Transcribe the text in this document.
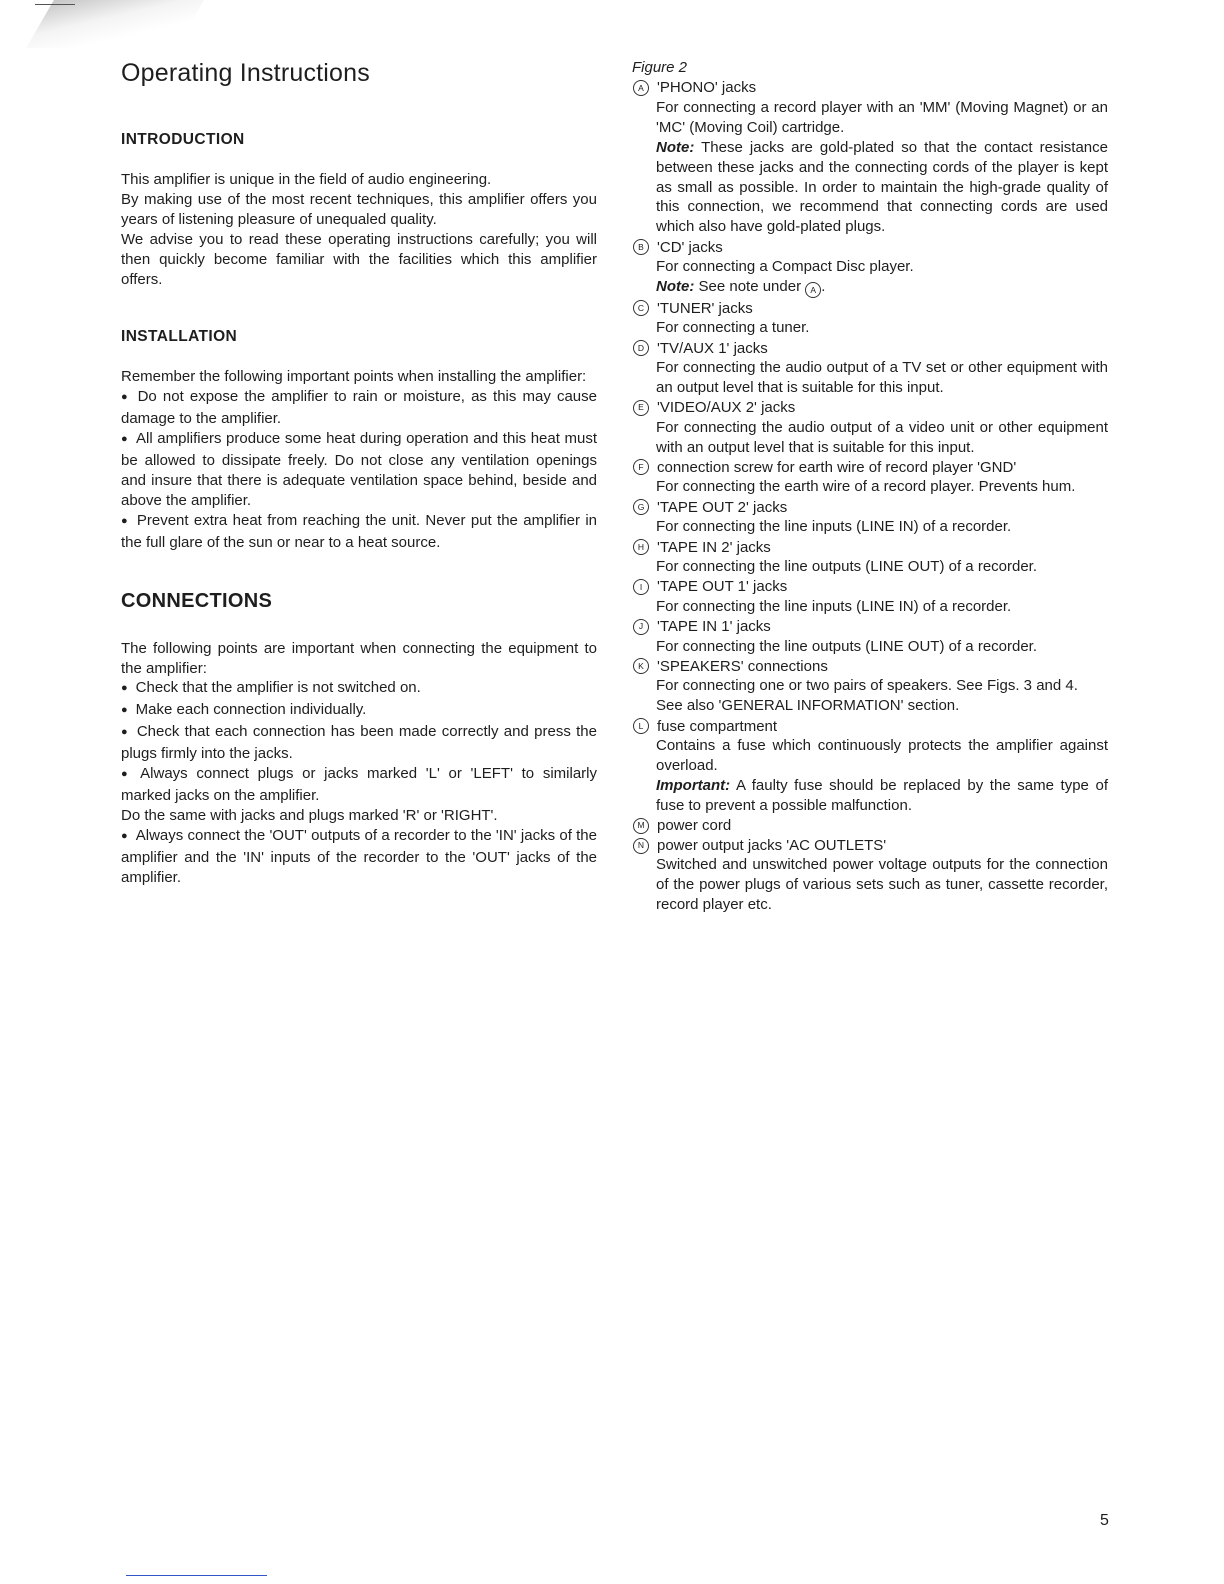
Operating Instructions
INTRODUCTION

This amplifier is unique in the field of audio engineering.

By making use of the most recent techniques, this amplifier offers you years of listening pleasure of unequaled quality.

We advise you to read these operating instructions carefully; you will then quickly become familiar with the facilities which this amplifier offers.

INSTALLATION

Remember the following important points when installing the amplifier:

● Do not expose the amplifier to rain or moisture, as this may cause damage to the amplifier.

● All amplifiers produce some heat during operation and this heat must be allowed to dissipate freely. Do not close any ventilation openings and insure that there is adequate ventilation space behind, beside and above the amplifier.

● Prevent extra heat from reaching the unit. Never put the amplifier in the full glare of the sun or near to a heat source.

CONNECTIONS

The following points are important when connecting the equipment to the amplifier:

● Check that the amplifier is not switched on.

● Make each connection individually.

● Check that each connection has been made correctly and press the plugs firmly into the jacks.

● Always connect plugs or jacks marked 'L' or 'LEFT' to similarly marked jacks on the amplifier.

Do the same with jacks and plugs marked 'R' or 'RIGHT'.

● Always connect the 'OUT' outputs of a recorder to the 'IN' jacks of the amplifier and the 'IN' inputs of the recorder to the 'OUT' jacks of the amplifier.

Figure 2

A 'PHONO' jacks

For connecting a record player with an 'MM' (Moving Magnet) or an 'MC' (Moving Coil) cartridge.

Note: These jacks are gold-plated so that the contact resistance between these jacks and the connecting cords of the player is kept as small as possible. In order to maintain the high-grade quality of this connection, we recommend that connecting cords are used which also have gold-plated plugs.

B 'CD' jacks

For connecting a Compact Disc player.

Note: See note under A .

C 'TUNER' jacks

For connecting a tuner.

D 'TV/AUX 1' jacks

For connecting the audio output of a TV set or other equipment with an output level that is suitable for this input.

E 'VIDEO/AUX 2' jacks

For connecting the audio output of a video unit or other equipment with an output level that is suitable for this input.

F connection screw for earth wire of record player 'GND'

For connecting the earth wire of a record player. Prevents hum.

G 'TAPE OUT 2' jacks

For connecting the line inputs (LINE IN) of a recorder.

H 'TAPE IN 2' jacks

For connecting the line outputs (LINE OUT) of a recorder.

I 'TAPE OUT 1' jacks

For connecting the line inputs (LINE IN) of a recorder.

J 'TAPE IN 1' jacks

For connecting the line outputs (LINE OUT) of a recorder.

K 'SPEAKERS' connections

For connecting one or two pairs of speakers. See Figs. 3 and 4.

See also 'GENERAL INFORMATION' section.

L fuse compartment

Contains a fuse which continuously protects the amplifier against overload.

Important: A faulty fuse should be replaced by the same type of fuse to prevent a possible malfunction.

M power cord
N power output jacks 'AC OUTLETS'

Switched and unswitched power voltage outputs for the connection of the power plugs of various sets such as tuner, cassette recorder, record player etc.

5
